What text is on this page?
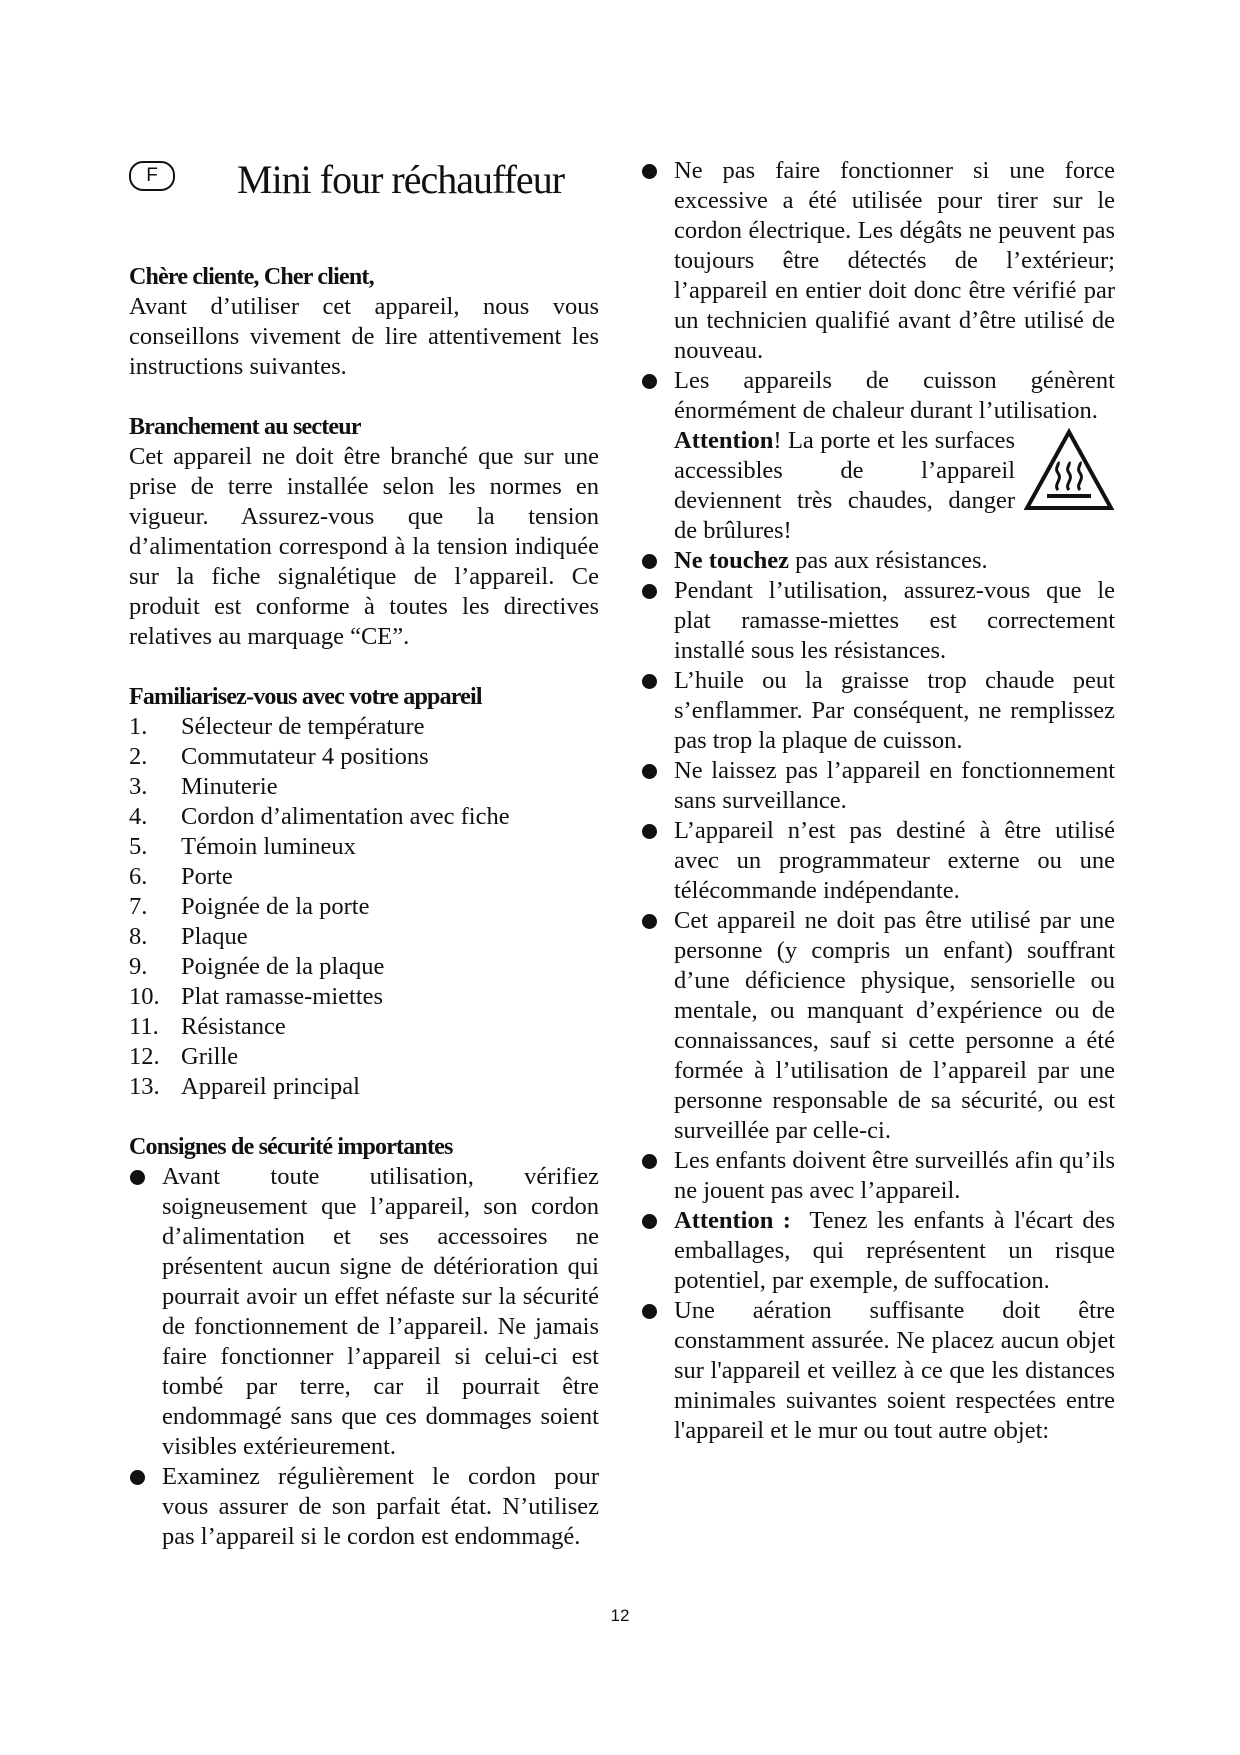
F	Mini four réchauffeur
Chère cliente, Cher client,

Avant d’utiliser cet appareil, nous vous conseillons vivement de lire attentivement les instructions suivantes.

Branchement au secteur

Cet appareil ne doit être branché que sur une prise de terre installée selon les normes en vigueur. Assurez-vous que la tension d’alimentation correspond à la tension indiquée sur la fiche signalétique de l’appareil. Ce produit est conforme à toutes les directives relatives au marquage “CE”.

Familiarisez-vous avec votre appareil
1.	Sélecteur de température
2.	Commutateur 4 positions
3.	Minuterie
4.	Cordon d’alimentation avec fiche
5.	Témoin lumineux
6.	Porte
7.	Poignée de la porte
8.	Plaque
9.	Poignée de la plaque
10. Plat ramasse-miettes
11. Résistance
12. Grille
13. Appareil principal
Consignes de sécurité importantes
Avant toute utilisation, vérifiez soigneusement que l’appareil, son cordon d’alimentation et ses accessoires ne présentent aucun signe de détérioration qui pourrait avoir un effet néfaste sur la sécurité de fonctionnement de l’appareil. Ne jamais faire fonctionner l’appareil si celui-ci est tombé par terre, car il pourrait être endommagé sans que ces dommages soient visibles extérieurement.
Examinez régulièrement le cordon pour vous assurer de son parfait état. N’utilisez pas l’appareil si le cordon est endommagé.
Ne pas faire fonctionner si une force excessive a été utilisée pour tirer sur le cordon électrique. Les dégâts ne peuvent pas toujours être détectés de l’extérieur; l’appareil en entier doit donc être vérifié par un technicien qualifié avant d’être utilisé de nouveau.
Les appareils de cuisson génèrent énormément de chaleur durant l’utilisation.
Attention! La porte et les surfaces accessibles de l’appareil deviennent très chaudes, danger de brûlures!
Ne touchez pas aux résistances.
Pendant l’utilisation, assurez-vous que le plat ramasse-miettes est correctement installé sous les résistances.
L’huile ou la graisse trop chaude peut s’enflammer. Par conséquent, ne remplissez pas trop la plaque de cuisson.
Ne laissez pas l’appareil en fonctionnement sans surveillance.
L’appareil n’est pas destiné à être utilisé avec un programmateur externe ou une télécommande indépendante.
Cet appareil ne doit pas être utilisé par une personne (y compris un enfant) souffrant d’une déficience physique, sensorielle ou mentale, ou manquant d’expérience ou de connaissances, sauf si cette personne a été formée à l’utilisation de l’appareil par une personne responsable de sa sécurité, ou est surveillée par celle-ci.
Les enfants doivent être surveillés afin qu’ils ne jouent pas avec l’appareil.
Attention :  Tenez les enfants à l'écart des emballages, qui représentent un risque potentiel, par exemple, de suffocation.
Une aération suffisante doit être constamment assurée. Ne placez aucun objet sur l'appareil et veillez à ce que les distances minimales suivantes soient respectées entre l'appareil et le mur ou tout autre objet:
12
